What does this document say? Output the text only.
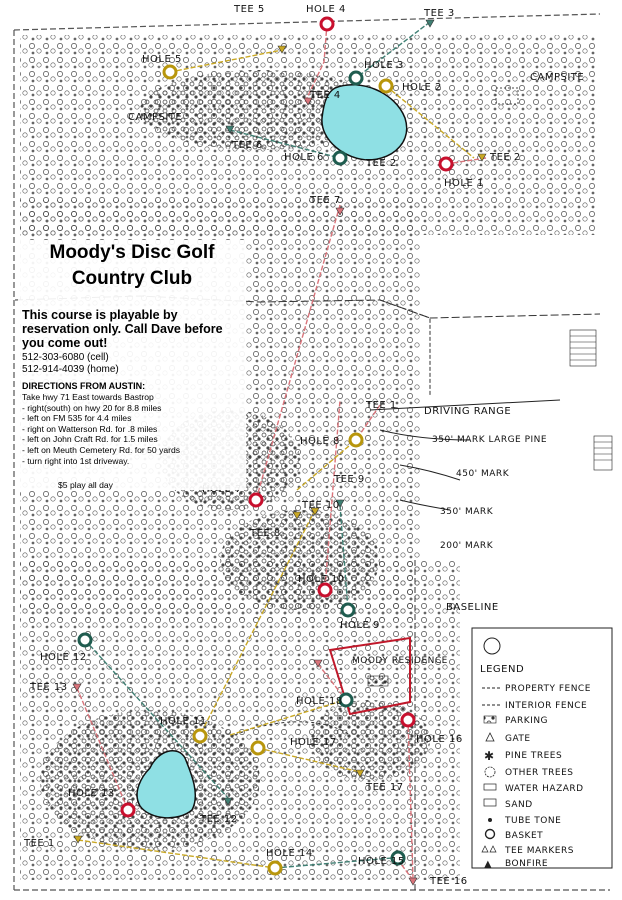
MOODY RESIDENCE
HOLE 1
HOLE 2
HOLE 3
HOLE 4
HOLE 5
HOLE 6
HOLE 8
HOLE 9
HOLE 10
HOLE 11
HOLE 12
HOLE 13
HOLE 14
HOLE 15
HOLE 16
HOLE 17
HOLE 18
TEE 1
TEE 2
TEE 3
TEE 4
TEE 5
TEE 6
TEE 7
TEE 8
TEE 9
TEE 10
TEE 2
TEE 1
TEE 12
TEE 13
TEE 16
TEE 17
CAMPSITE
CAMPSITE
DRIVING RANGE
350' MARK LARGE PINE
450' MARK
350' MARK
200' MARK
BASELINE
LEGEND
PROPERTY FENCE
INTERIOR FENCE
PARKING
GATE
✱ PINE TREES
OTHER TREES
WATER HAZARD
SAND
TUBE TONE
BASKET
TEE MARKERS
▲ BONFIRE
Moody's Disc Golf Country Club
This course is playable by reservation only. Call Dave before you come out!
512-303-6080 (cell)
512-914-4039 (home)
DIRECTIONS FROM AUSTIN:
Take hwy 71 East towards Bastrop
- right(south) on hwy 20 for 8.8 miles
- left on FM 535 for 4.4 miles
- right on Watterson Rd. for .8 miles
- left on John Craft Rd. for 1.5 miles
- left on Meuth Cemetery Rd. for 50 yards
- turn right into 1st driveway.
$5 play all day
